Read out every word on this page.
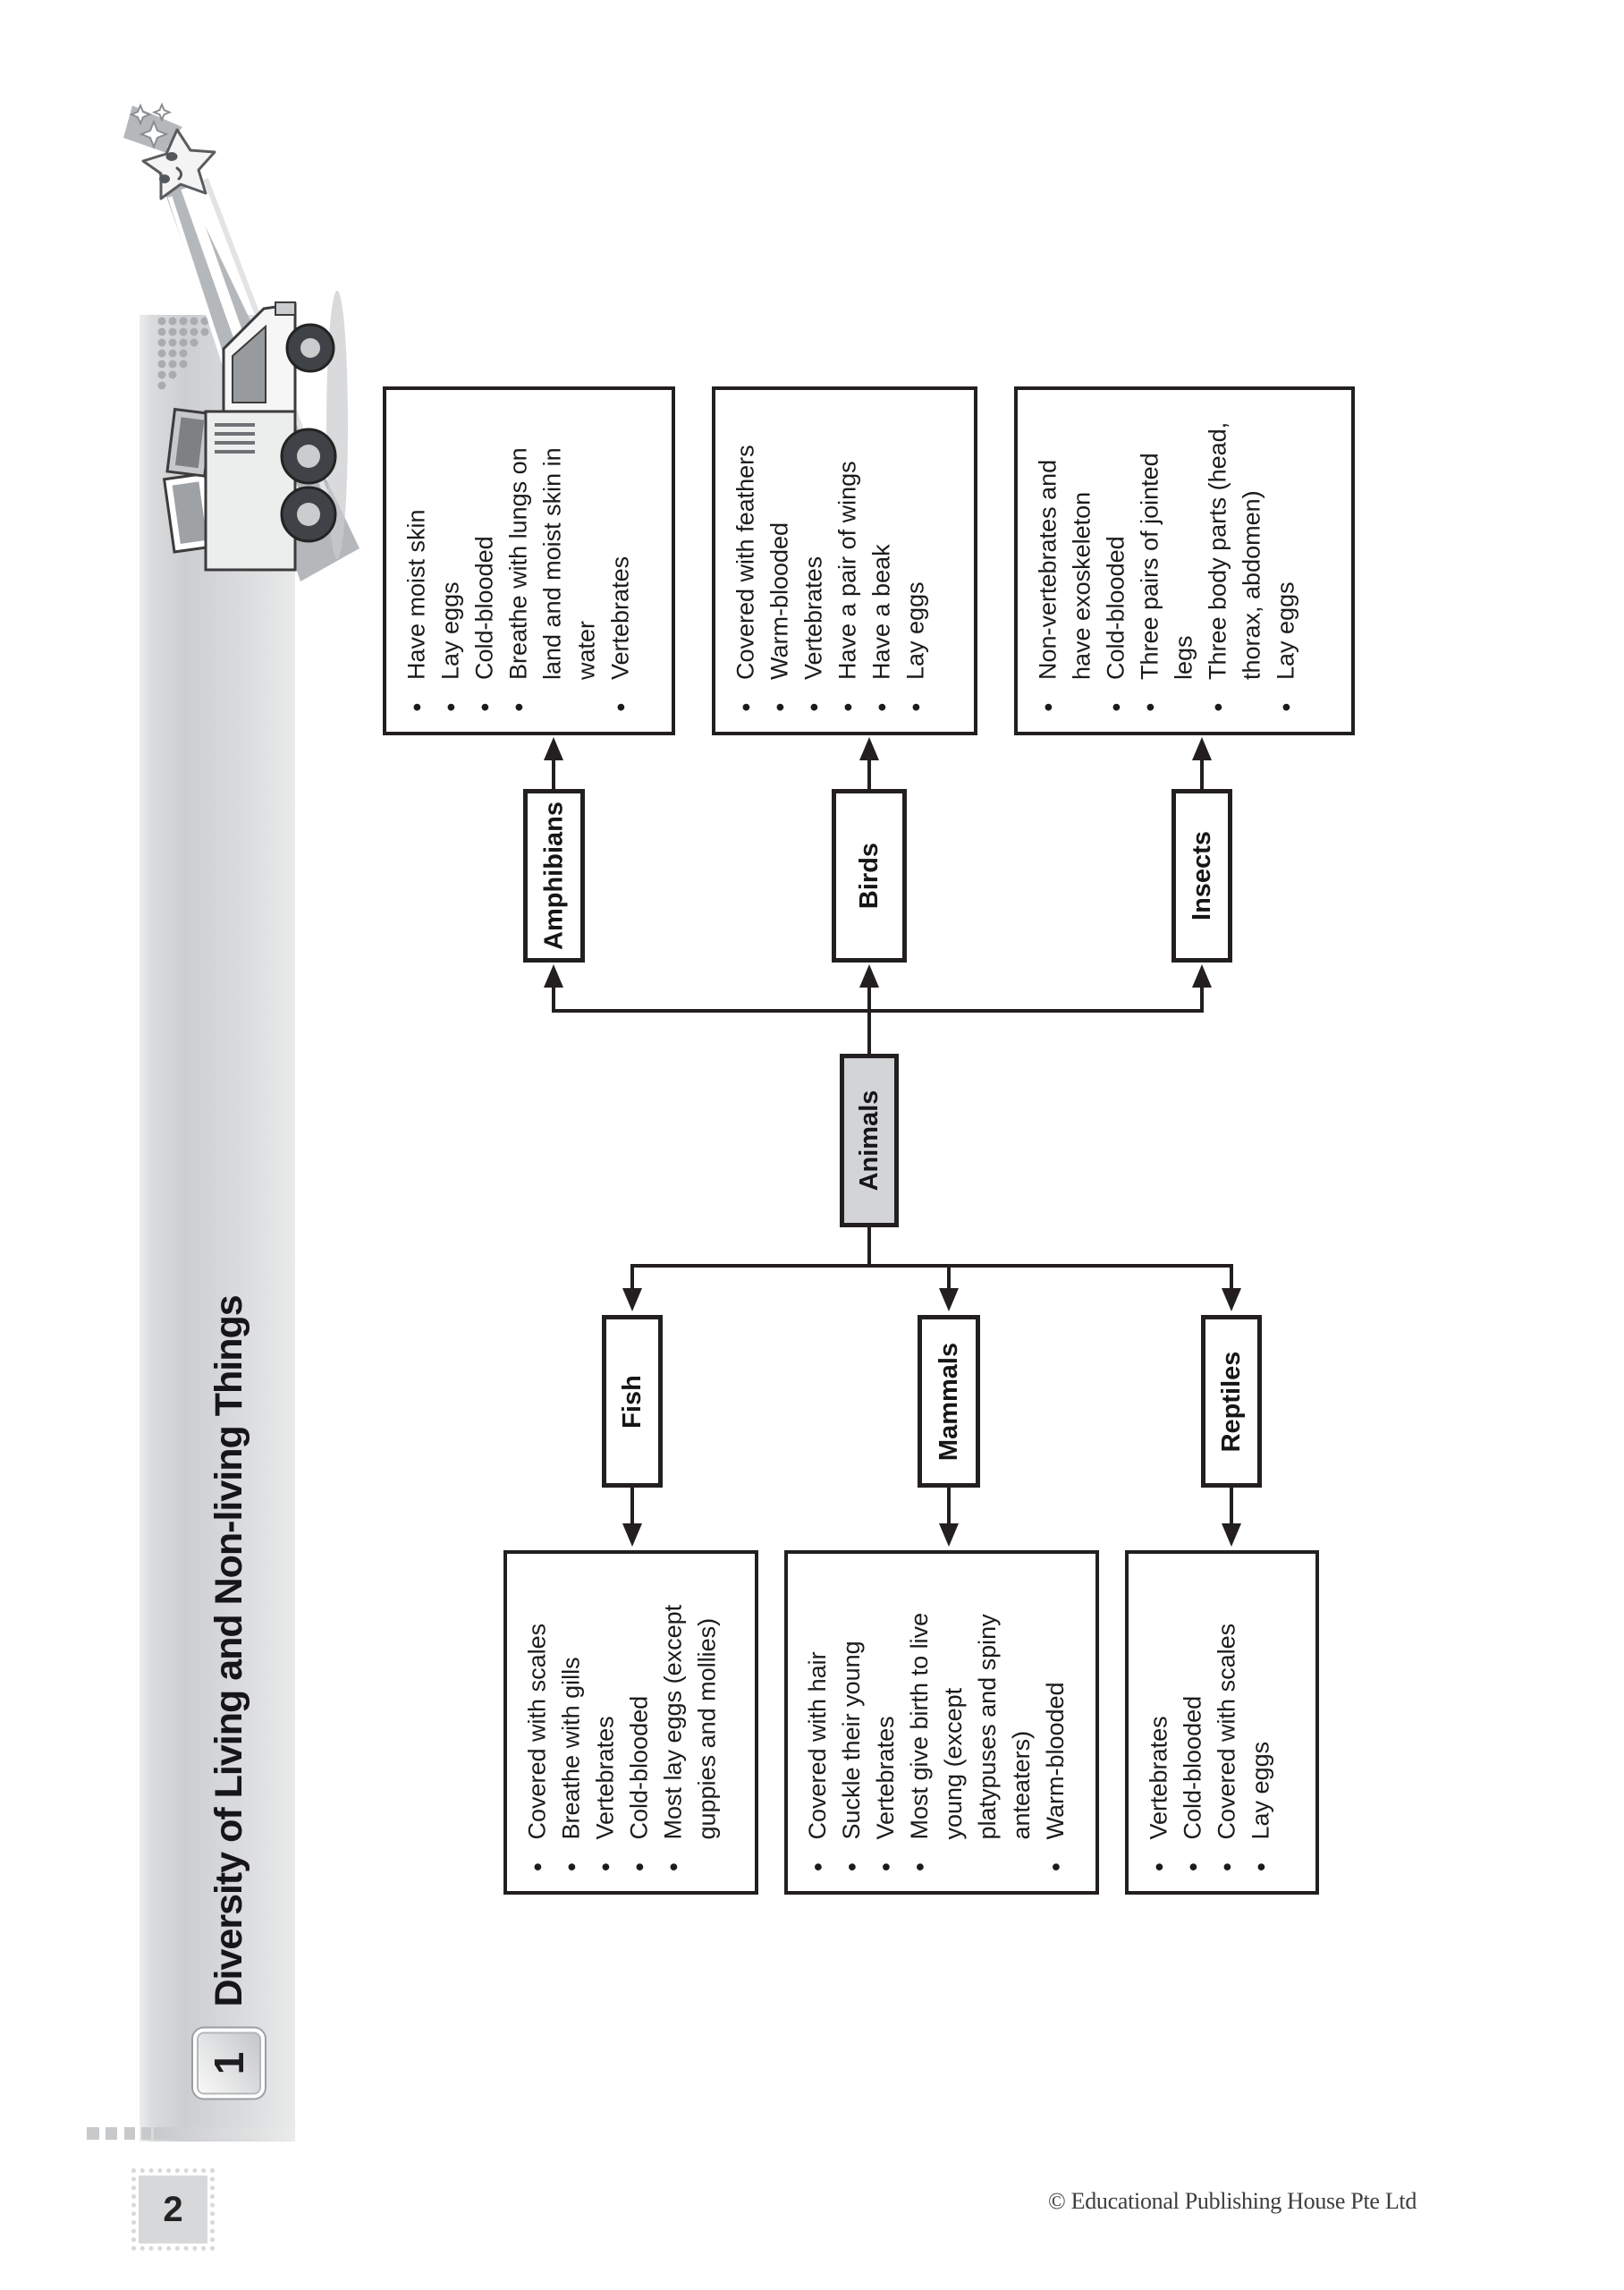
1
Diversity of Living and Non-living Things
● Have moist skin ● Lay eggs ● Cold-blooded ● Breathe with lungs on land and moist skin in water ● Vertebrates	● Covered with feathers ● Warm-blooded ● Vertebrates ● Have a pair of wings ● Have a beak ● Lay eggs	● Non-vertebrates and have exoskeleton ● Cold-blooded ● Three pairs of jointed legs ● Three body parts (head, thorax, abdomen) ● Lay eggs
Amphibians	Birds	Insects
Animals
Fish	Mammals	Reptiles
● Covered with scales ● Breathe with gills ● Vertebrates ● Cold-blooded ● Most lay eggs (except guppies and mollies)	● Covered with hair ● Suckle their young ● Vertebrates ● Most give birth to live young (except platypuses and spiny anteaters) ● Warm-blooded	● Vertebrates ● Cold-blooded ● Covered with scales ● Lay eggs
2	© Educational Publishing House Pte Ltd
